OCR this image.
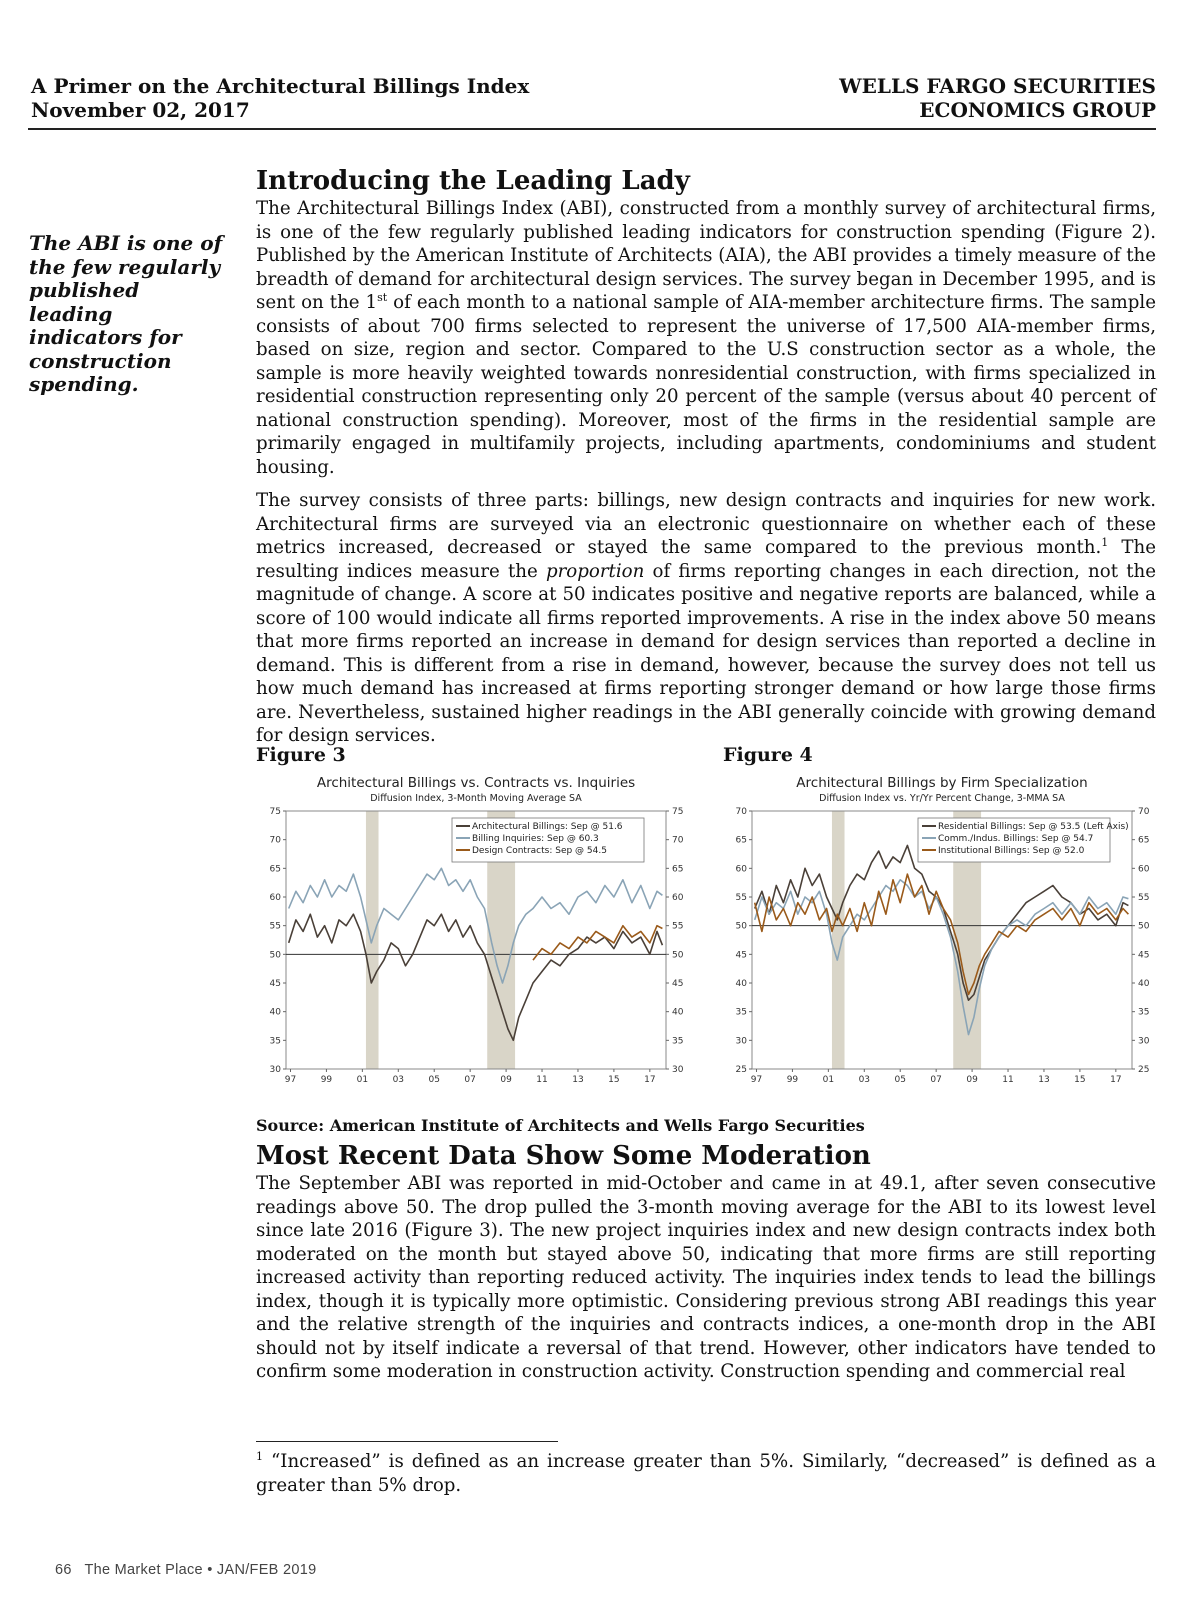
A Primer on the Architectural Billings Index
November 02, 2017
WELLS FARGO SECURITIES
ECONOMICS GROUP
The ABI is one of the few regularly published leading indicators for construction spending.
Introducing the Leading Lady

The Architectural Billings Index (ABI), constructed from a monthly survey of architectural firms, is one of the few regularly published leading indicators for construction spending (Figure 2). Published by the American Institute of Architects (AIA), the ABI provides a timely measure of the breadth of demand for architectural design services. The survey began in December 1995, and is sent on the 1st of each month to a national sample of AIA-member architecture firms. The sample consists of about 700 firms selected to represent the universe of 17,500 AIA-member firms, based on size, region and sector. Compared to the U.S construction sector as a whole, the sample is more heavily weighted towards nonresidential construction, with firms specialized in residential construction representing only 20 percent of the sample (versus about 40 percent of national construction spending). Moreover, most of the firms in the residential sample are primarily engaged in multifamily projects, including apartments, condominiums and student housing.

The survey consists of three parts: billings, new design contracts and inquiries for new work. Architectural firms are surveyed via an electronic questionnaire on whether each of these metrics increased, decreased or stayed the same compared to the previous month.$^1$ The resulting indices measure the proportion of firms reporting changes in each direction, not the magnitude of change. A score at 50 indicates positive and negative reports are balanced, while a score of 100 would indicate all firms reported improvements. A rise in the index above 50 means that more firms reported an increase in demand for design services than reported a decline in demand. This is different from a rise in demand, however, because the survey does not tell us how much demand has increased at firms reporting stronger demand or how large those firms are. Nevertheless, sustained higher readings in the ABI generally coincide with growing demand for design services.

Figure 3	Figure 4
Architectural Billings vs. Contracts vs. Inquiries
Diffusion Index, 3-Month Moving Average SA
30	30
35	35
40	40
45	45
50	50
55	55
60	60
65	65
70	70
75	75
97	99	01	03	05	07	09	11	13	15	17
Architectural Billings: Sep @ 51.6
Billing Inquiries: Sep @ 60.3
Design Contracts: Sep @ 54.5
Architectural Billings by Firm Specialization
Diffusion Index vs. Yr/Yr Percent Change, 3-MMA SA
25	25
30	30
35	35
40	40
45	45
50	50
55	55
60	60
65	65
70	70
97	99	01	03	05	07	09	11	13	15	17
Residential Billings: Sep @ 53.5 (Left Axis)
Comm./Indus. Billings: Sep @ 54.7
Institutional Billings: Sep @ 52.0
Source: American Institute of Architects and Wells Fargo Securities
Most Recent Data Show Some Moderation

The September ABI was reported in mid-October and came in at 49.1, after seven consecutive readings above 50. The drop pulled the 3-month moving average for the ABI to its lowest level since late 2016 (Figure 3). The new project inquiries index and new design contracts index both moderated on the month but stayed above 50, indicating that more firms are still reporting increased activity than reporting reduced activity. The inquiries index tends to lead the billings index, though it is typically more optimistic. Considering previous strong ABI readings this year and the relative strength of the inquiries and contracts indices, a one-month drop in the ABI should not by itself indicate a reversal of that trend. However, other indicators have tended to confirm some moderation in construction activity. Construction spending and commercial real

$^1$ “Increased” is defined as an increase greater than 5%. Similarly, “decreased” is defined as a greater than 5% drop.
66 The Market Place • JAN/FEB 2019
